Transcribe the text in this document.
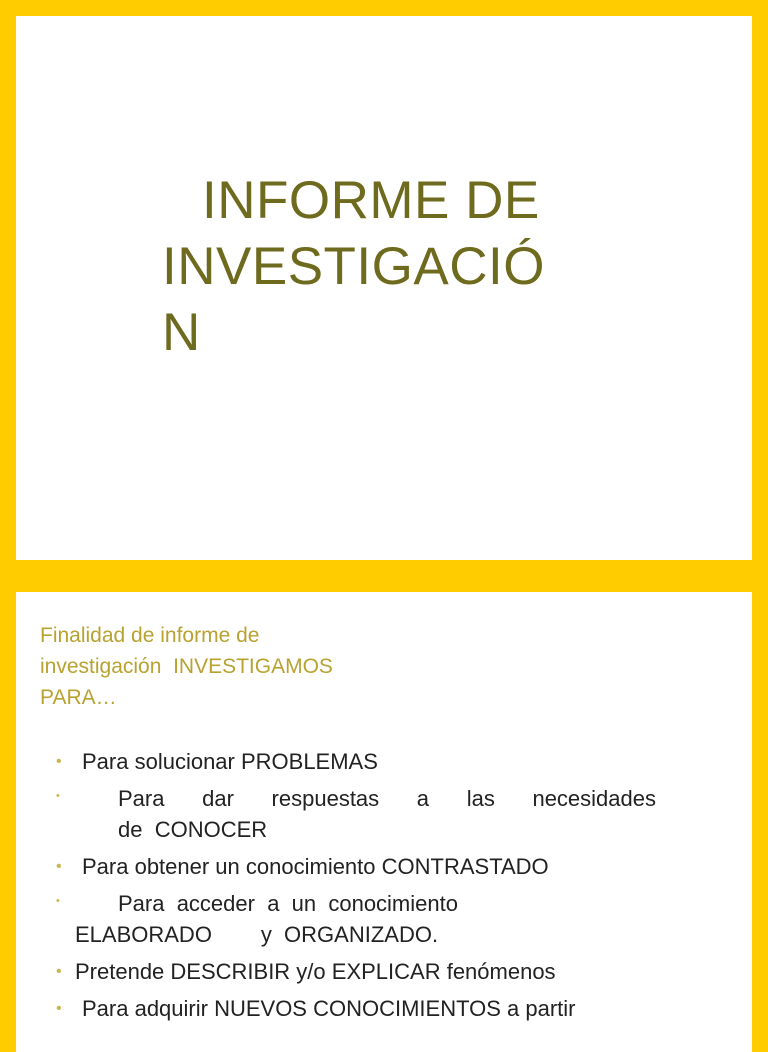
INFORME DE
INVESTIGACIÓ
N
Finalidad de informe de
investigación  INVESTIGAMOS
PARA…
• Para solucionar PROBLEMAS
•	Para   dar   respuestas   a   las   necesidades
de  CONOCER
• Para obtener un conocimiento CONTRASTADO
•	Para  acceder  a  un  conocimiento
ELABORADO        y  ORGANIZADO.
• Pretende DESCRIBIR y/o EXPLICAR fenómenos
• Para adquirir NUEVOS CONOCIMIENTOS a partir
